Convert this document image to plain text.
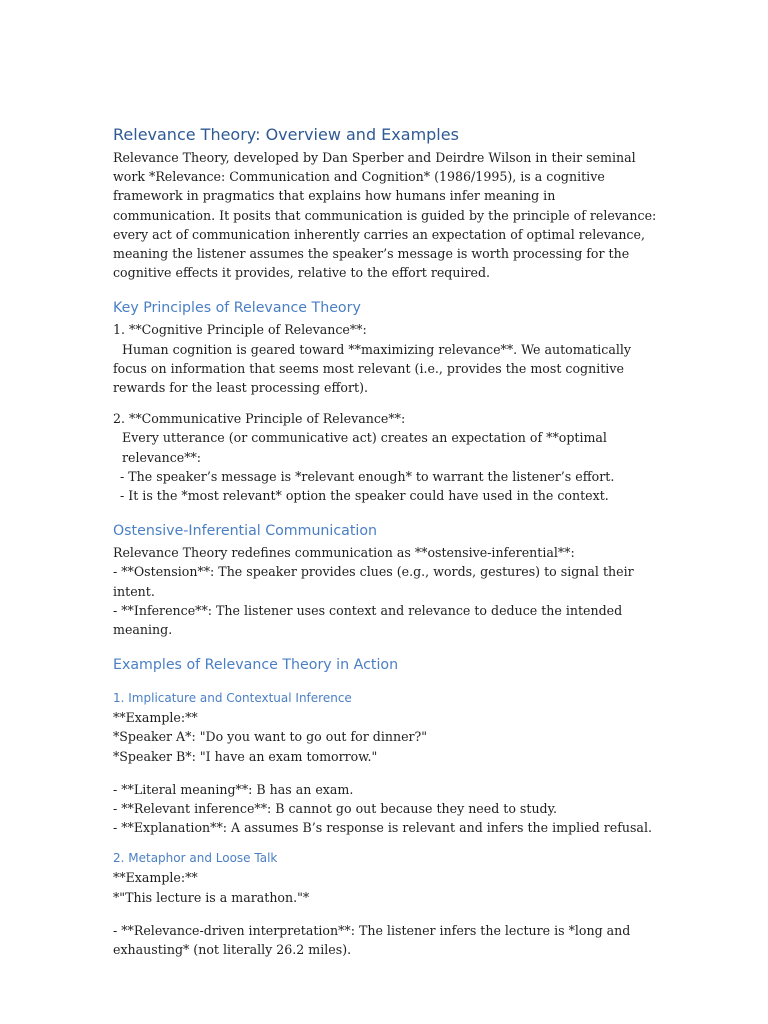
Relevance Theory: Overview and Examples

Relevance Theory, developed by Dan Sperber and Deirdre Wilson in their seminal work *Relevance: Communication and Cognition* (1986/1995), is a cognitive framework in pragmatics that explains how humans infer meaning in communication. It posits that communication is guided by the principle of relevance: every act of communication inherently carries an expectation of optimal relevance, meaning the listener assumes the speaker’s message is worth processing for the cognitive effects it provides, relative to the effort required.

Key Principles of Relevance Theory

1. **Cognitive Principle of Relevance**:

Human cognition is geared toward **maximizing relevance**. We automatically focus on information that seems most relevant (i.e., provides the most cognitive rewards for the least processing effort).

2. **Communicative Principle of Relevance**:

Every utterance (or communicative act) creates an expectation of **optimal relevance**:

- The speaker’s message is *relevant enough* to warrant the listener’s effort.

- It is the *most relevant* option the speaker could have used in the context.

Ostensive-Inferential Communication

Relevance Theory redefines communication as **ostensive-inferential**:

- **Ostension**: The speaker provides clues (e.g., words, gestures) to signal their intent.

- **Inference**: The listener uses context and relevance to deduce the intended meaning.

Examples of Relevance Theory in Action
1. Implicature and Contextual Inference

**Example:**

*Speaker A*: "Do you want to go out for dinner?"

*Speaker B*: "I have an exam tomorrow."

- **Literal meaning**: B has an exam.

- **Relevant inference**: B cannot go out because they need to study.

- **Explanation**: A assumes B’s response is relevant and infers the implied refusal.

2. Metaphor and Loose Talk

**Example:**

*"This lecture is a marathon."*

- **Relevance-driven interpretation**: The listener infers the lecture is *long and exhausting* (not literally 26.2 miles).
